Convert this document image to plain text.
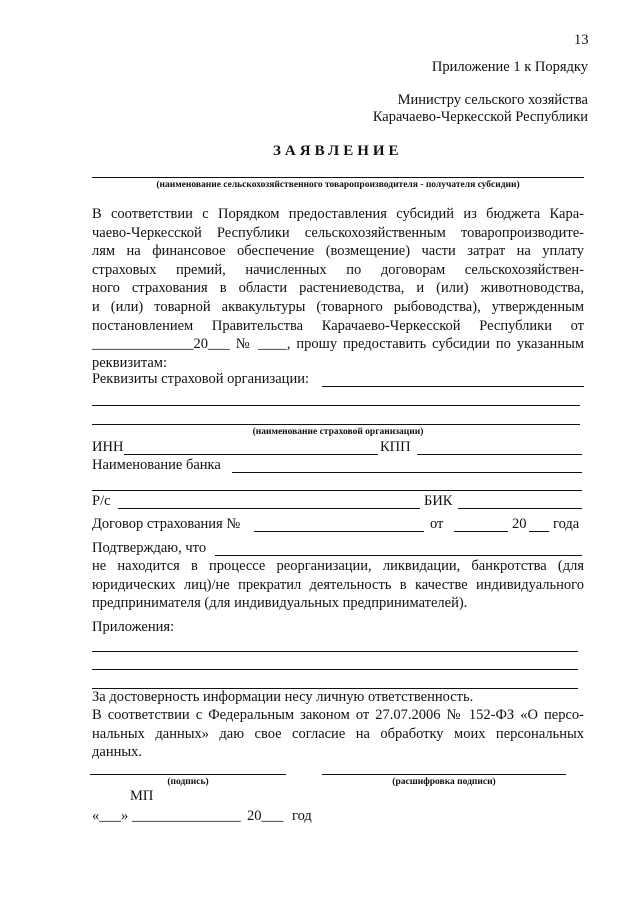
13
Приложение 1 к Порядку
Министру сельского хозяйства
Карачаево-Черкесской Республики
ЗАЯВЛЕНИЕ
(наименование сельскохозяйственного товаропроизводителя - получателя субсидии)
В соответствии с Порядком предоставления субсидий из бюджета Кара-
чаево-Черкесской Республики сельскохозяйственным товаропроизводите-
лям на финансовое обеспечение (возмещение) части затрат на уплату
страховых премий, начисленных по договорам сельскохозяйствен-
ного страхования в области растениеводства, и (или) животноводства,
и (или) товарной аквакультуры (товарного рыбоводства), утвержденным
постановлением Правительства Карачаево-Черкесской Республики от
______________20___ № ____, прошу предоставить субсидии по указанным
реквизитам:
Реквизиты страховой организации:
(наименование страховой организации)
ИНН	КПП
Наименование банка
Р/с	БИК
Договор страхования №	от	20 года
Подтверждаю, что
не находится в процессе реорганизации, ликвидации, банкротства (для
юридических лиц)/не прекратил деятельность в качестве индивидуального
предпринимателя (для индивидуальных предпринимателей).
Приложения:
За достоверность информации несу личную ответственность.
В соответствии с Федеральным законом от 27.07.2006 № 152-ФЗ «О персо-
нальных данных» даю свое согласие на обработку моих персональных
данных.
(подпись)	(расшифровка подписи)
МП
«___» _______________ 20___ год
